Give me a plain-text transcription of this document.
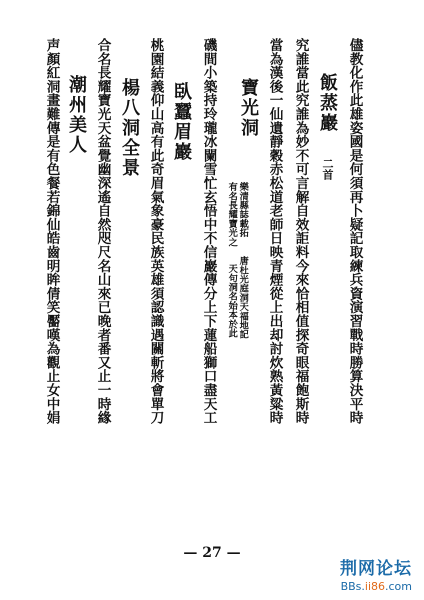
儘教化作此雄姿國是何須再卜疑記取練兵資演習戰時勝算決平時
飯蒸巖
二首
究誰當此究誰為妙不可言解自效詎料今來恰相值探奇眼福飽斯時
當為漢後一仙遺靜穀赤松道老師日映青煙從上出却討炊熟黃粱時
寶光洞
樂清縣誌載拓
唐杜光庭洞天福地記
有名長耀寶光之
天句洞名始本於此
磯間小築持玲瓏冰闌雪忙玄悟中不信巖傳分上下蓮船獅口盡天工
臥蠶眉巖
桃園結義仰山高有此奇眉氣象豪民族英雄須認識遇關斬將會單刀
楊八洞全景
合名長耀寶光天盆覺幽深遙自然咫尺名山來已晚者番又止一時緣
潮州美人
声顏紅洞畫難傳是有色餐若錦仙皓齒明眸倩笑靨嘆為觀止女中娟
— 27 —
荆网论坛
BBs.ii86.com
